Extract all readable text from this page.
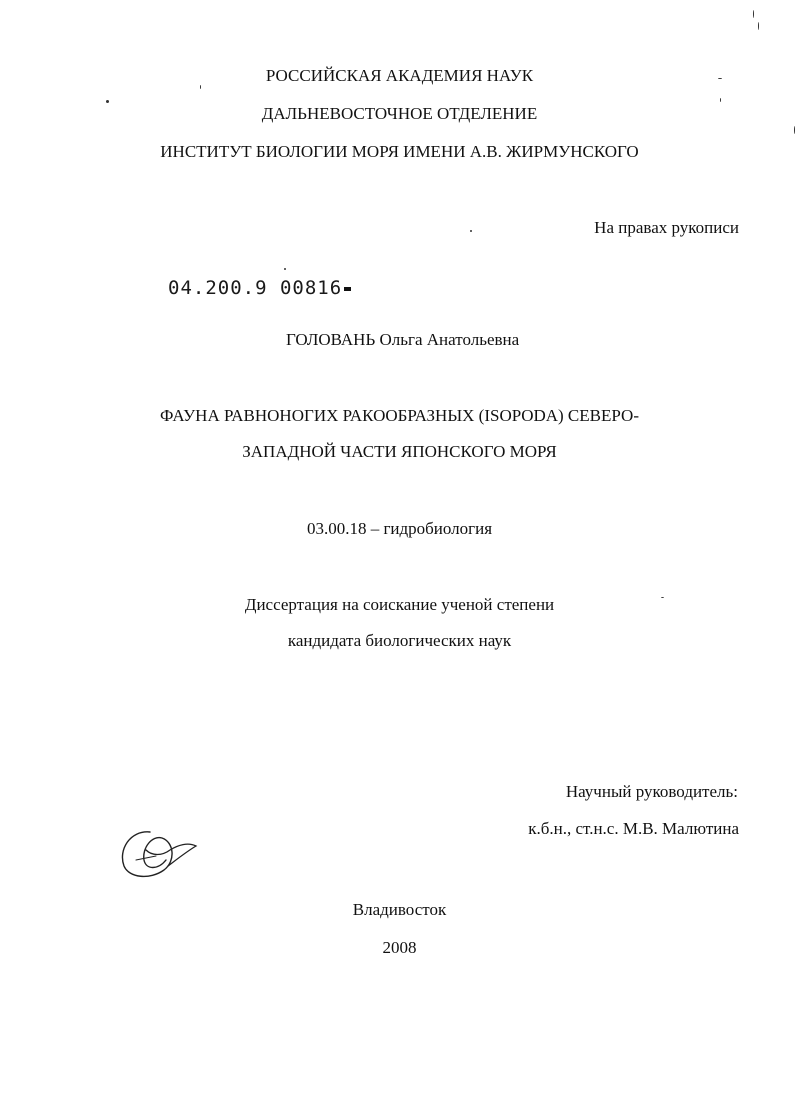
РОССИЙСКАЯ АКАДЕМИЯ НАУК
ДАЛЬНЕВОСТОЧНОЕ ОТДЕЛЕНИЕ
ИНСТИТУТ БИОЛОГИИ МОРЯ ИМЕНИ А.В. ЖИРМУНСКОГО
На правах рукописи
04.200.9 00816
ГОЛОВАНЬ Ольга Анатольевна
ФАУНА РАВНОНОГИХ РАКООБРАЗНЫХ (ISOPODA) СЕВЕРО-
ЗАПАДНОЙ ЧАСТИ ЯПОНСКОГО МОРЯ
03.00.18 – гидробиология
Диссертация на соискание ученой степени
кандидата биологических наук
Научный руководитель:
к.б.н., ст.н.с. М.В. Малютина
Владивосток
2008
